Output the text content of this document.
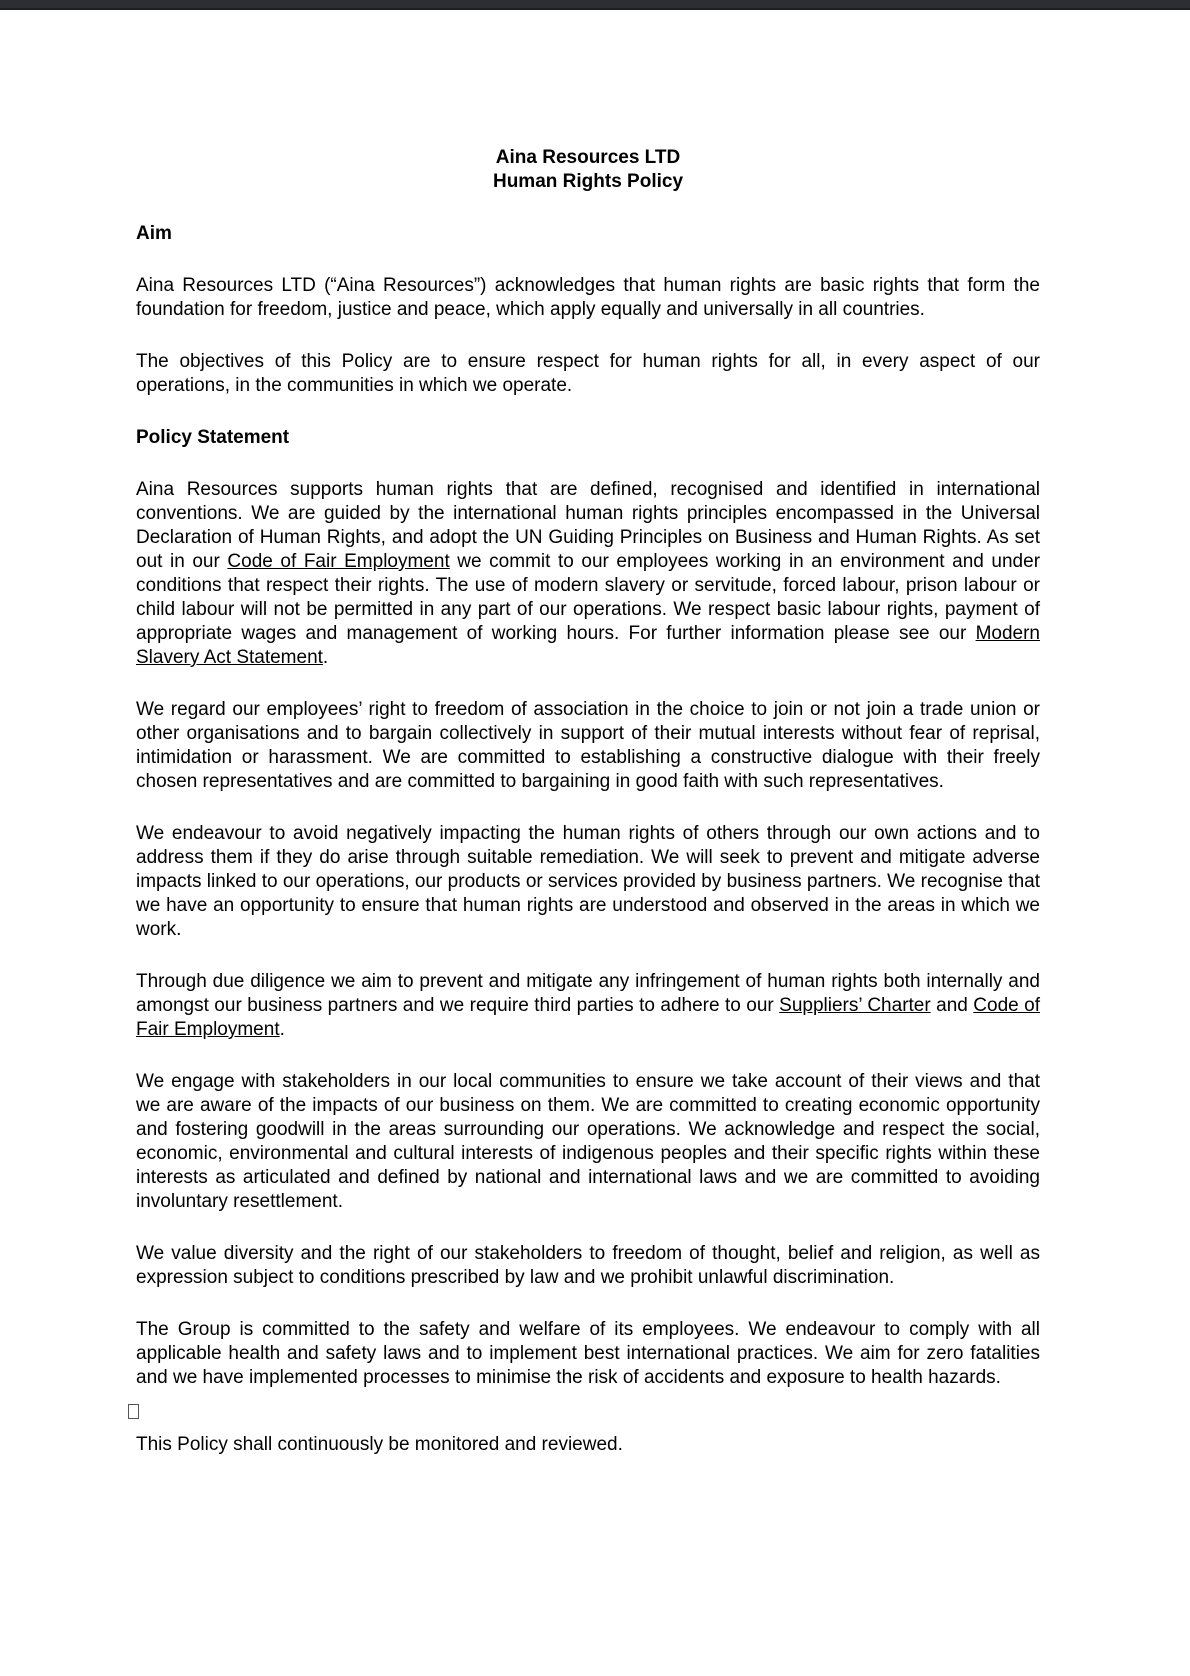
Aina Resources LTD
Human Rights Policy
Aim

Aina Resources LTD (“Aina Resources”) acknowledges that human rights are basic rights that form the foundation for freedom, justice and peace, which apply equally and universally in all countries.

The objectives of this Policy are to ensure respect for human rights for all, in every aspect of our operations, in the communities in which we operate.

Policy Statement

Aina Resources supports human rights that are defined, recognised and identified in international conventions. We are guided by the international human rights principles encompassed in the Universal Declaration of Human Rights, and adopt the UN Guiding Principles on Business and Human Rights. As set out in our Code of Fair Employment we commit to our employees working in an environment and under conditions that respect their rights. The use of modern slavery or servitude, forced labour, prison labour or child labour will not be permitted in any part of our operations. We respect basic labour rights, payment of appropriate wages and management of working hours. For further information please see our Modern Slavery Act Statement.

We regard our employees’ right to freedom of association in the choice to join or not join a trade union or other organisations and to bargain collectively in support of their mutual interests without fear of reprisal, intimidation or harassment. We are committed to establishing a constructive dialogue with their freely chosen representatives and are committed to bargaining in good faith with such representatives.

We endeavour to avoid negatively impacting the human rights of others through our own actions and to address them if they do arise through suitable remediation. We will seek to prevent and mitigate adverse impacts linked to our operations, our products or services provided by business partners. We recognise that we have an opportunity to ensure that human rights are understood and observed in the areas in which we work.

Through due diligence we aim to prevent and mitigate any infringement of human rights both internally and amongst our business partners and we require third parties to adhere to our Suppliers’ Charter and Code of Fair Employment.

We engage with stakeholders in our local communities to ensure we take account of their views and that we are aware of the impacts of our business on them. We are committed to creating economic opportunity and fostering goodwill in the areas surrounding our operations. We acknowledge and respect the social, economic, environmental and cultural interests of indigenous peoples and their specific rights within these interests as articulated and defined by national and international laws and we are committed to avoiding involuntary resettlement.

We value diversity and the right of our stakeholders to freedom of thought, belief and religion, as well as expression subject to conditions prescribed by law and we prohibit unlawful discrimination.

The Group is committed to the safety and welfare of its employees. We endeavour to comply with all applicable health and safety laws and to implement best international practices. We aim for zero fatalities and we have implemented processes to minimise the risk of accidents and exposure to health hazards.

This Policy shall continuously be monitored and reviewed.
